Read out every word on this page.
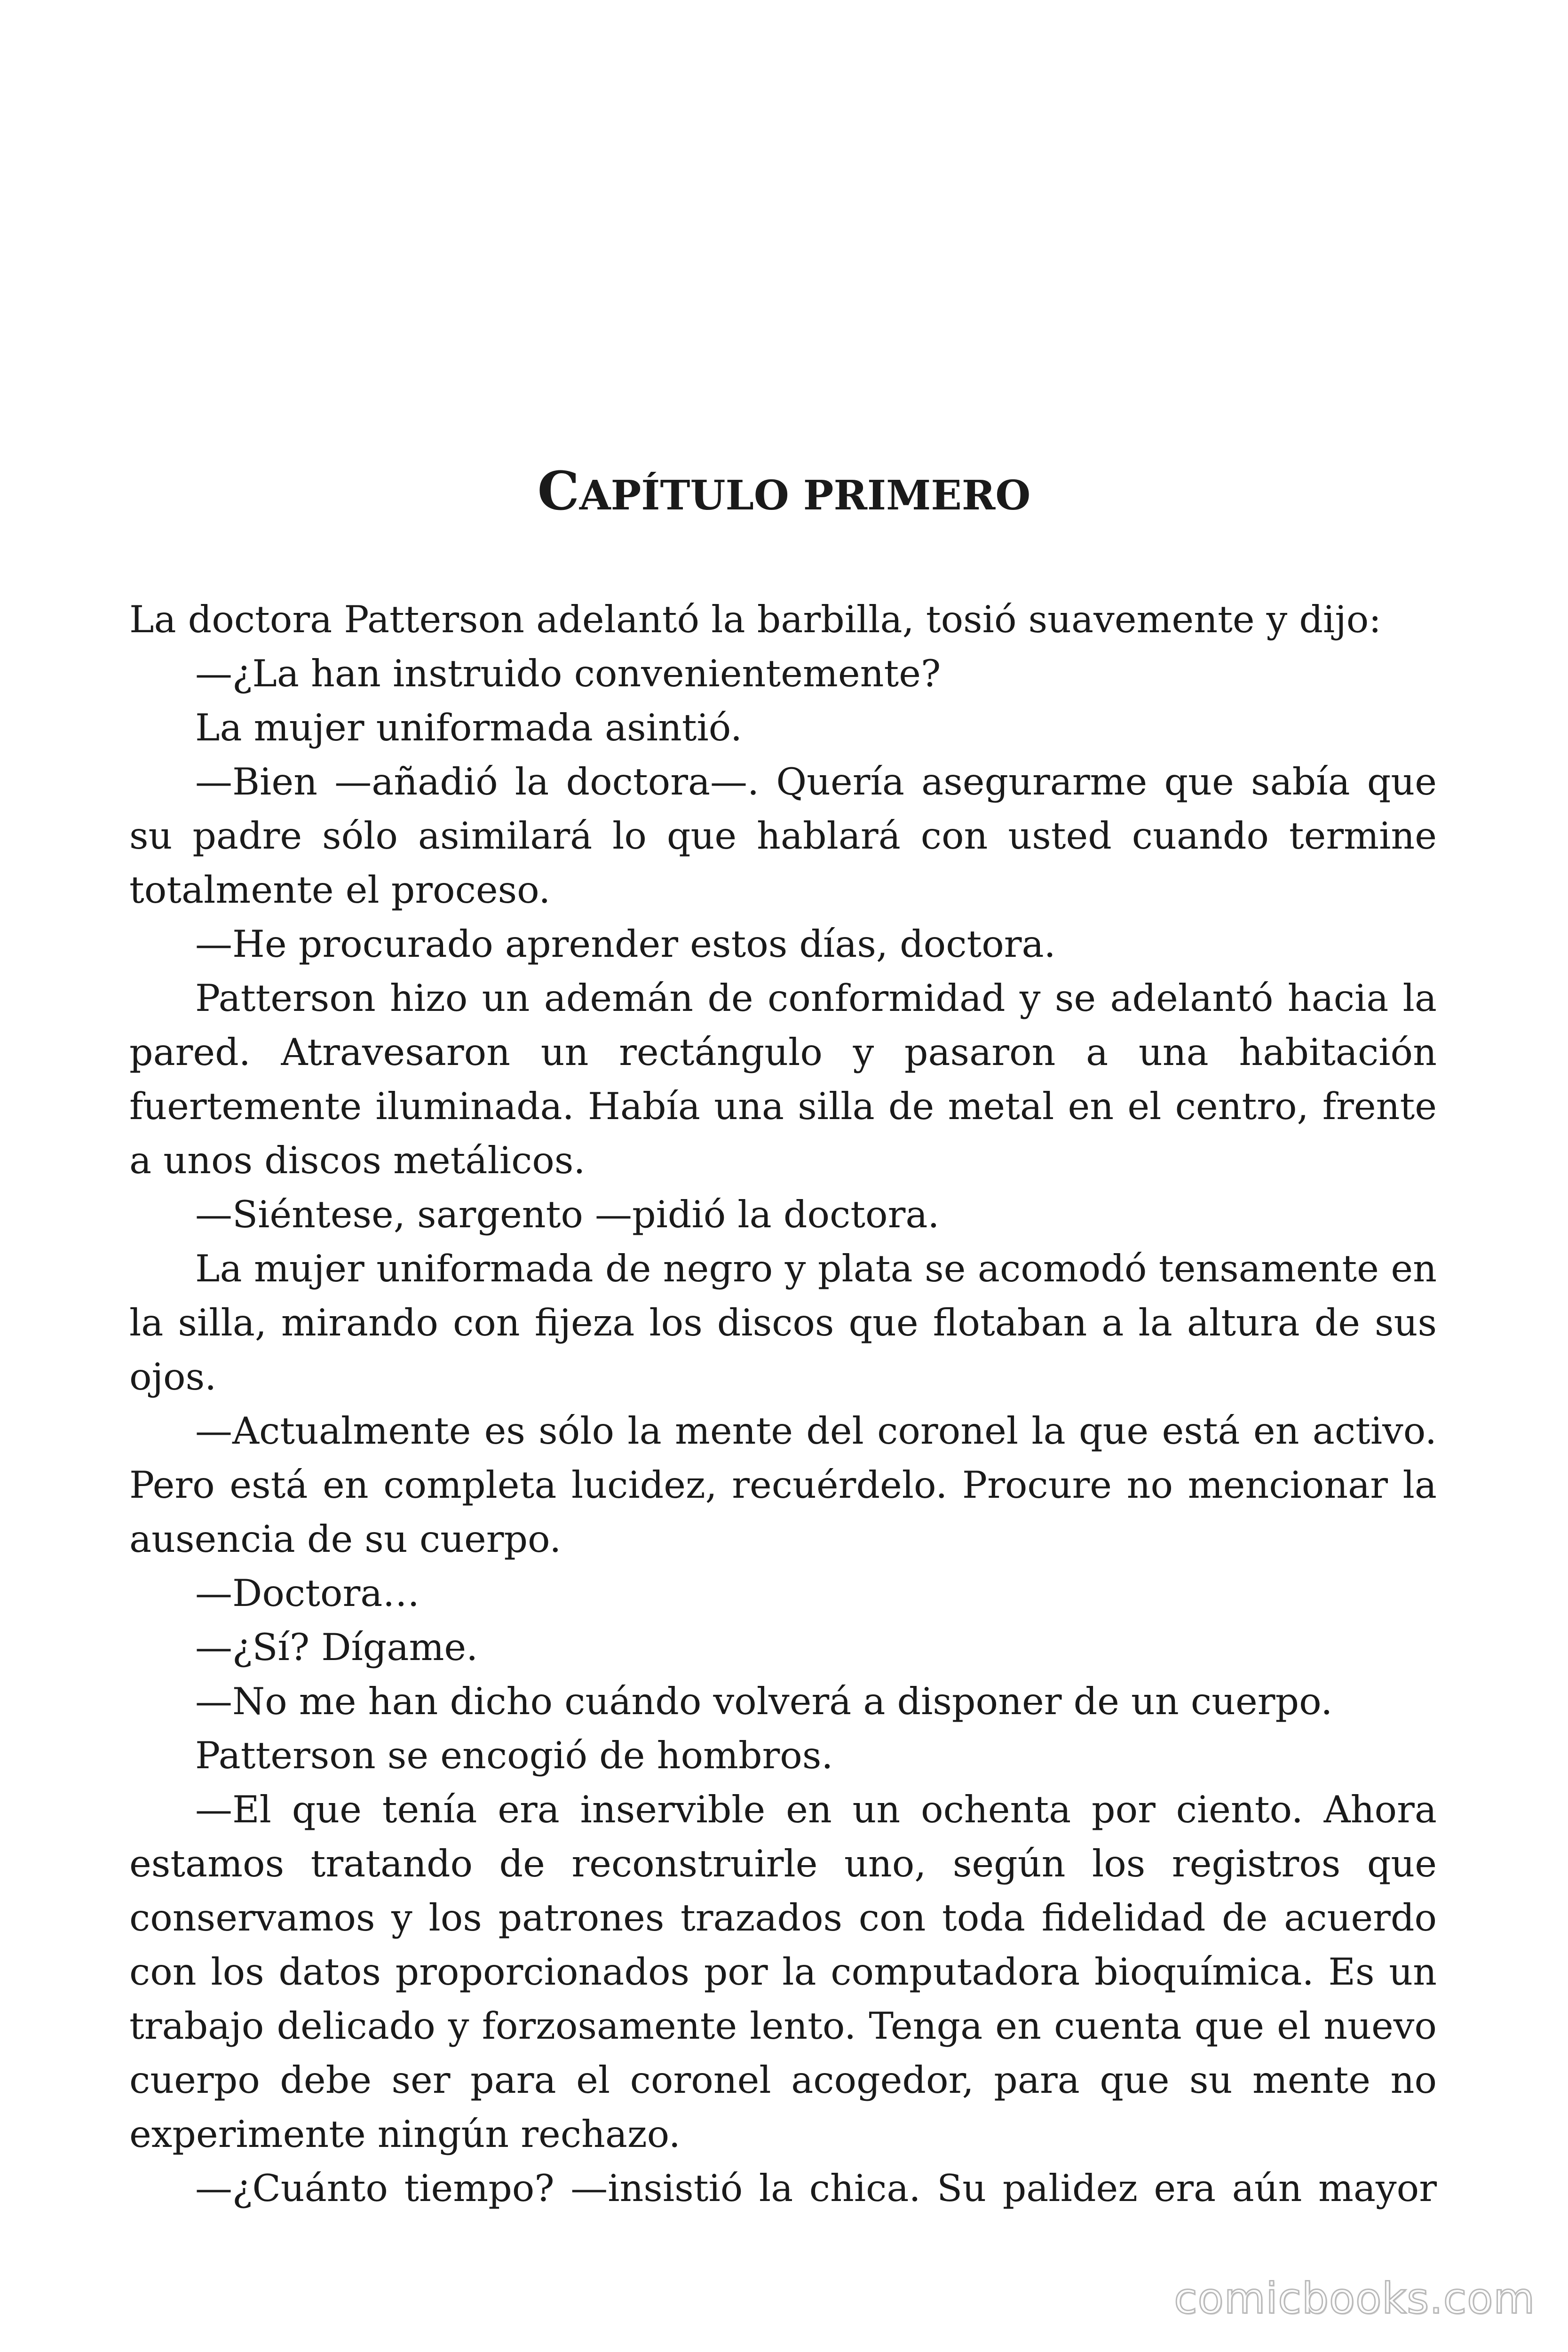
CAPÍTULO PRIMERO

La doctora Patterson adelantó la barbilla, tosió suavemente y dijo:

—¿La han instruido convenientemente?

La mujer uniformada asintió.

—Bien —añadió la doctora—. Quería asegurarme que sabía que su padre sólo asimilará lo que hablará con usted cuando termine totalmente el proceso.

—He procurado aprender estos días, doctora.

Patterson hizo un ademán de conformidad y se adelantó hacia la pared. Atravesaron un rectángulo y pasaron a una habitación fuertemente iluminada. Había una silla de metal en el centro, frente a unos discos metálicos.

—Siéntese, sargento —pidió la doctora.

La mujer uniformada de negro y plata se acomodó tensamente en la silla, mirando con fijeza los discos que flotaban a la altura de sus ojos.

—Actualmente es sólo la mente del coronel la que está en activo. Pero está en completa lucidez, recuérdelo. Procure no mencionar la ausencia de su cuerpo.

—Doctora…

—¿Sí? Dígame.

—No me han dicho cuándo volverá a disponer de un cuerpo.

Patterson se encogió de hombros.

—El que tenía era inservible en un ochenta por ciento. Ahora estamos tratando de reconstruirle uno, según los registros que conservamos y los patrones trazados con toda fidelidad de acuerdo con los datos proporcionados por la computadora bioquímica. Es un trabajo delicado y forzosamente lento. Tenga en cuenta que el nuevo cuerpo debe ser para el coronel acogedor, para que su mente no experimente ningún rechazo.

—¿Cuánto tiempo? —insistió la chica. Su palidez era aún mayor

comicbooks.com
